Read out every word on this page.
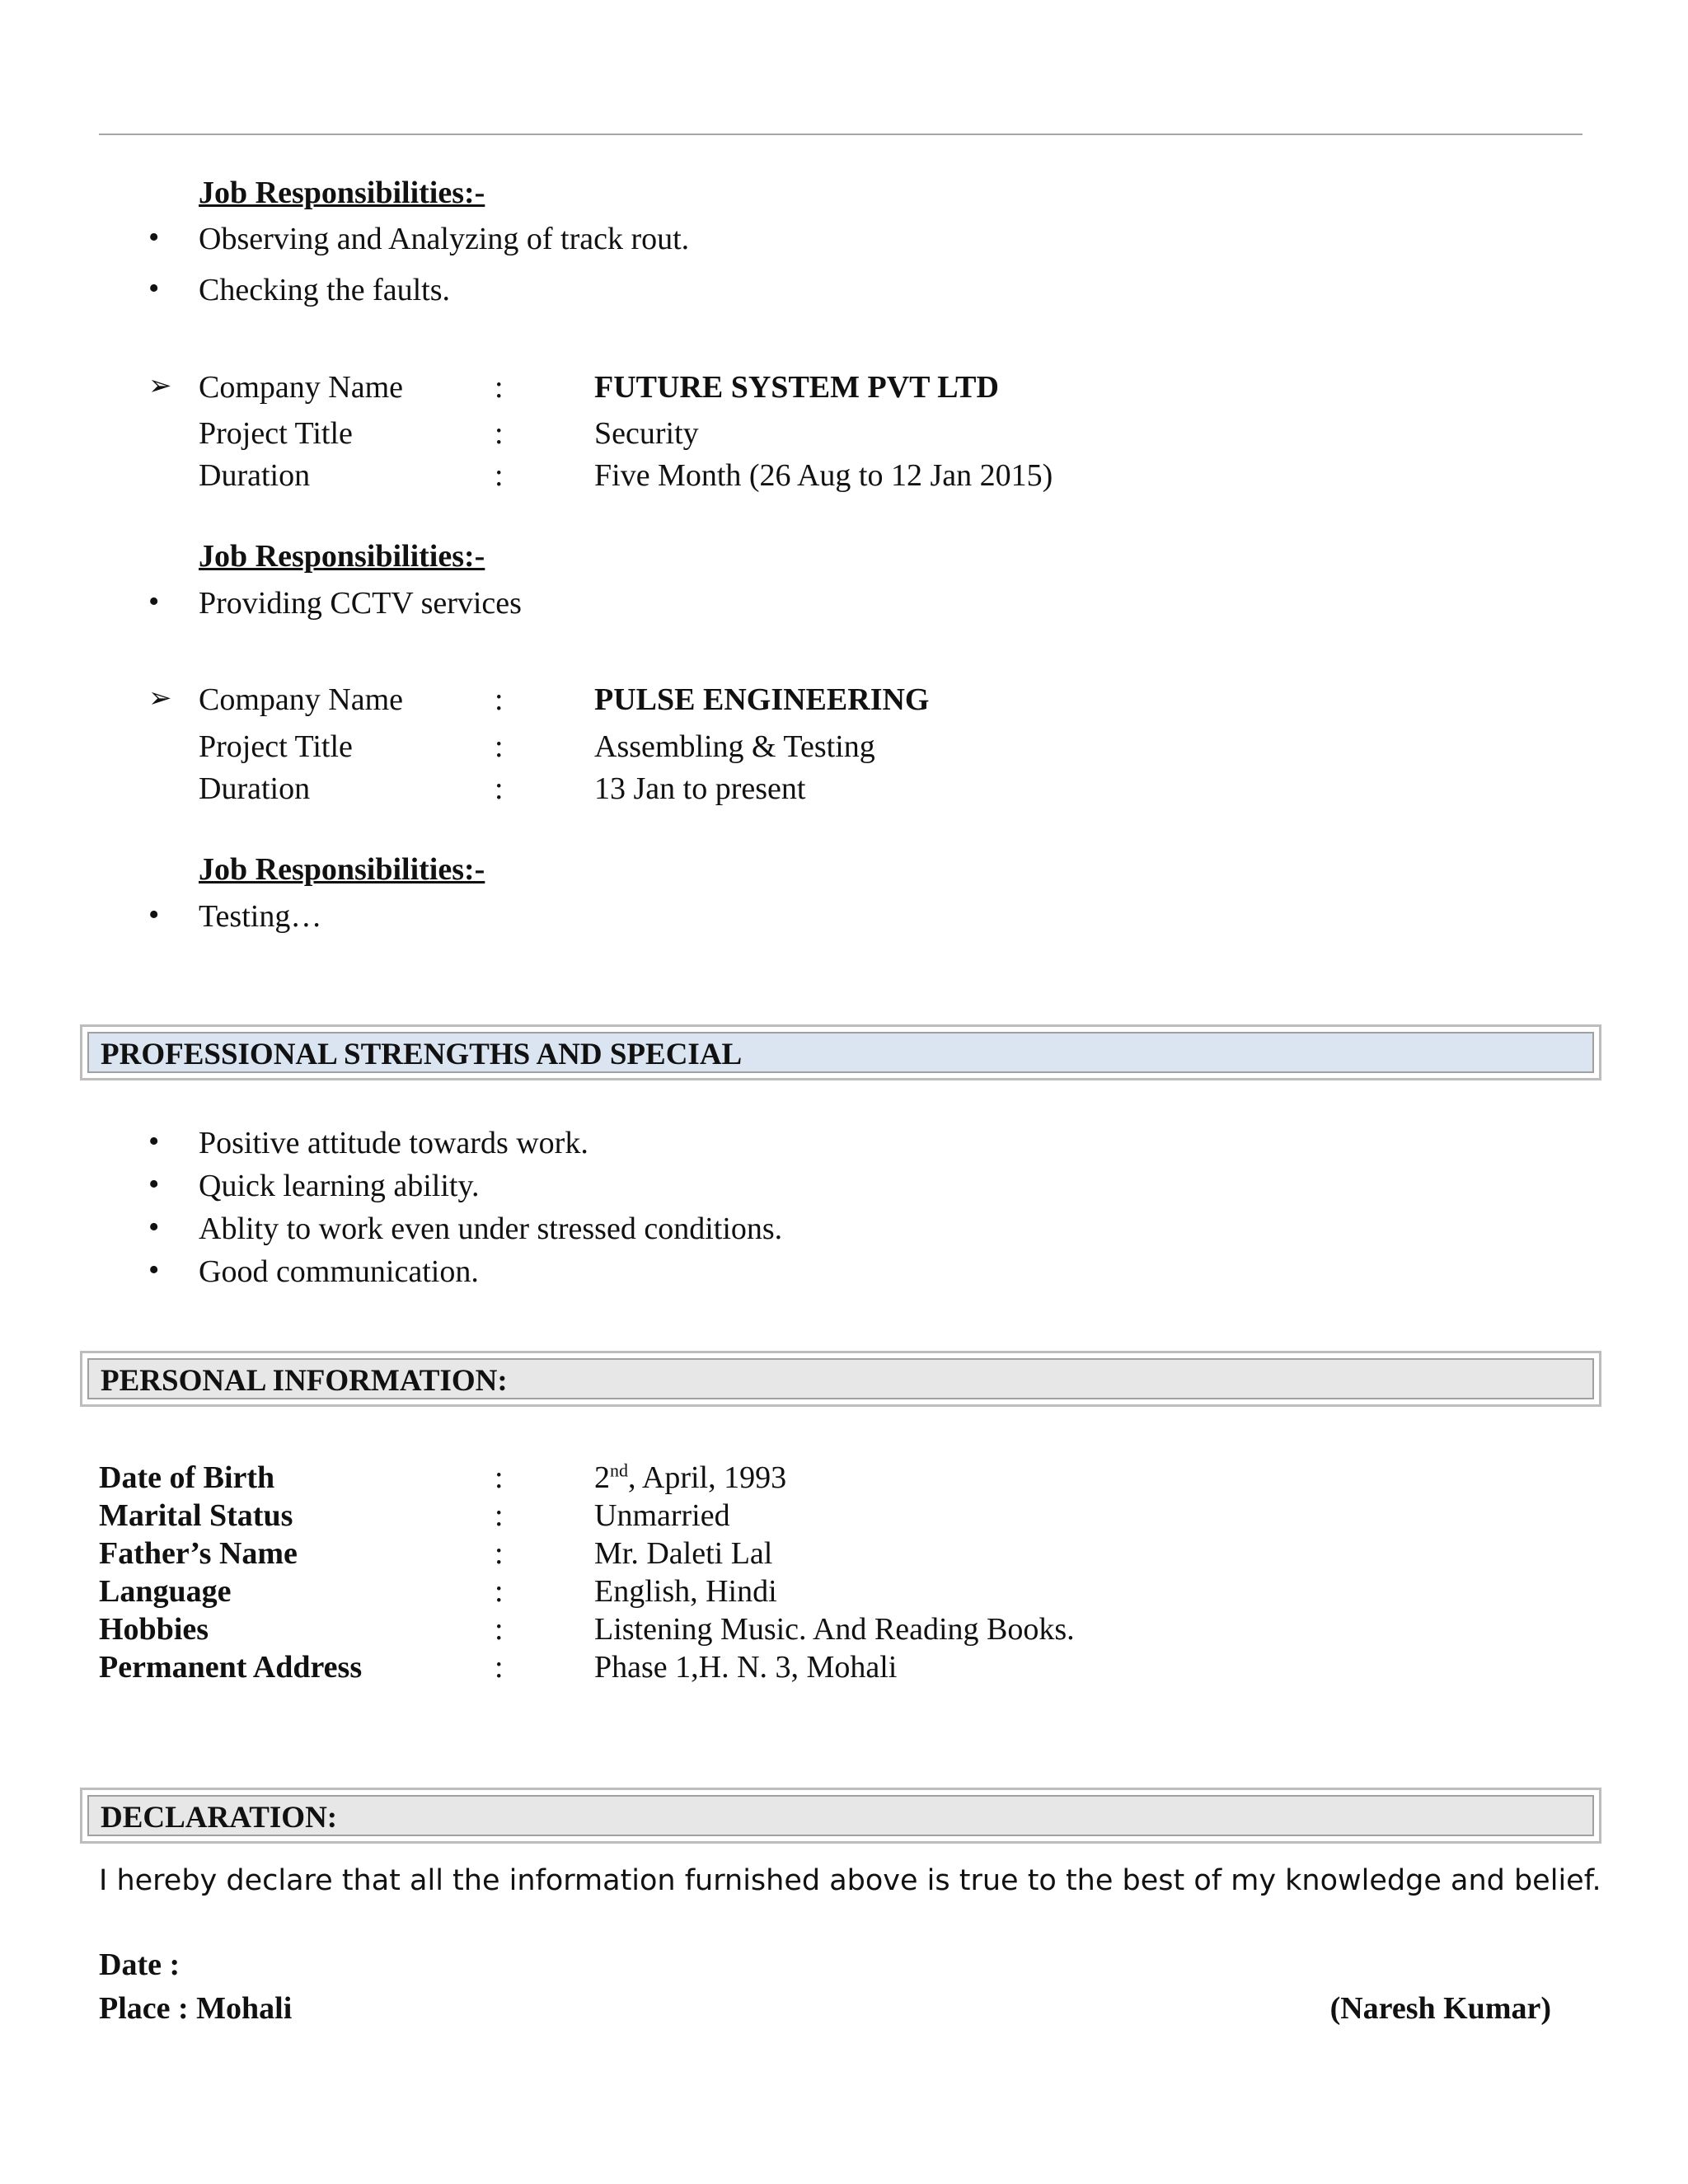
Job Responsibilities:-
• Observing and Analyzing of track rout.
• Checking the faults.
➢ Company Name	:	FUTURE SYSTEM PVT LTD
Project Title	:	Security
Duration	:	Five Month (26 Aug to 12 Jan 2015)
Job Responsibilities:-
• Providing CCTV services
➢ Company Name	:	PULSE ENGINEERING
Project Title	:	Assembling & Testing
Duration	:	13 Jan to present
Job Responsibilities:-
• Testing…
PROFESSIONAL STRENGTHS AND SPECIAL
• Positive attitude towards work.
• Quick learning ability.
• Ablity to work even under stressed conditions.
• Good communication.
PERSONAL INFORMATION:
Date of Birth	:	2nd, April, 1993
Marital Status	:	Unmarried
Father’s Name	:	Mr. Daleti Lal
Language	:	English, Hindi
Hobbies	:	Listening Music. And Reading Books.
Permanent Address	:	Phase 1,H. N. 3, Mohali
DECLARATION:
I hereby declare that all the information furnished above is true to the best of my knowledge and belief.
Date :
Place : Mohali	(Naresh Kumar)
